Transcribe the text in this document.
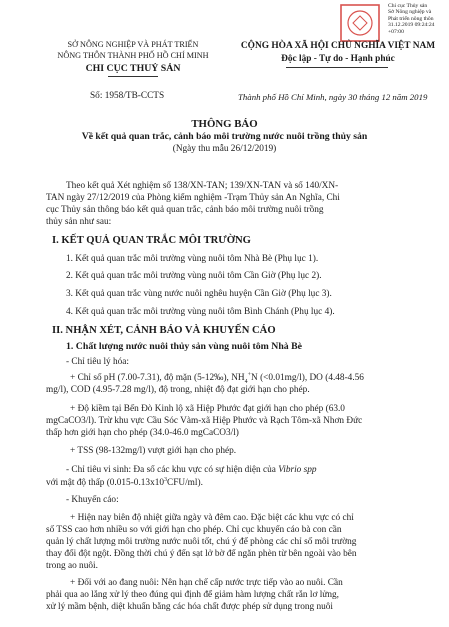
Chi cục Thủy sản
Sở Nông nghiệp và
Phát triển nông thôn
31.12.2019 09:24:24
+07:00
SỞ NÔNG NGHIỆP VÀ PHÁT TRIỂN
NÔNG THÔN THÀNH PHỐ HỒ CHÍ MINH
CHI CỤC THUỶ SẢN
Số: 1958/TB-CCTS
CỘNG HÒA XÃ HỘI CHỦ NGHĨA VIỆT NAM
Độc lập - Tự do - Hạnh phúc
Thành phố Hồ Chí Minh, ngày 30 tháng 12 năm 2019
THÔNG BÁO
Về kết quả quan trắc, cảnh báo môi trường nước nuôi trồng thủy sản
(Ngày thu mẫu 26/12/2019)
Theo kết quả Xét nghiệm số 138/XN-TAN; 139/XN-TAN và số 140/XN-
TAN ngày 27/12/2019 của Phòng kiểm nghiệm -Trạm Thủy sản An Nghĩa, Chi
cục Thủy sản thông báo kết quả quan trắc, cảnh báo môi trường nuôi trồng
thủy sản như sau:
I. KẾT QUẢ QUAN TRẮC MÔI TRƯỜNG
1. Kết quả quan trắc môi trường vùng nuôi tôm Nhà Bè (Phụ lục 1).
2. Kết quả quan trắc môi trường vùng nuôi tôm Cần Giờ (Phụ lục 2).
3. Kết quả quan trắc vùng nước nuôi nghêu huyện Cần Giờ (Phụ lục 3).
4. Kết quả quan trắc môi trường vùng nuôi tôm Bình Chánh (Phụ lục 4).
II. NHẬN XÉT, CẢNH BÁO VÀ KHUYẾN CÁO
1. Chất lượng nước nuôi thủy sản vùng nuôi tôm Nhà Bè
- Chỉ tiêu lý hóa:
+ Chỉ số pH (7.00-7.31), độ mặn (5-12‰), $NH_4^+N$ (<0.01mg/l), DO (4.48-4.56
mg/l), COD (4.95-7.28 mg/l), độ trong, nhiệt độ đạt giới hạn cho phép.
+ Độ kiềm tại Bến Đò Kinh lộ xã Hiệp Phước đạt giới hạn cho phép (63.0
mgCaCO3/l). Trừ khu vực Cầu Sóc Vàm-xã Hiệp Phước và Rạch Tôm-xã Nhơn Đức
thấp hơn giới hạn cho phép (34.0-46.0 mgCaCO3/l)
+ TSS (98-132mg/l) vượt giới hạn cho phép.
- Chỉ tiêu vi sinh: Đa số các khu vực có sự hiện diện của Vibrio spp
với mật độ thấp $(0.015-0.13x10^3CFU/ml)$.
- Khuyến cáo:
+ Hiện nay biên độ nhiệt giữa ngày và đêm cao. Đặc biệt các khu vực có chỉ
số TSS cao hơn nhiều so với giới hạn cho phép. Chỉ cục khuyến cáo bà con cần
quản lý chất lượng môi trường nước nuôi tốt, chú ý để phòng các chỉ số môi trường
thay đổi đột ngột. Đồng thời chú ý đến sạt lở bờ để ngăn phèn từ bên ngoài vào bên
trong ao nuôi.
+ Đối với ao đang nuôi: Nên hạn chế cấp nước trực tiếp vào ao nuôi. Cần
phải qua ao lắng xử lý theo đúng qui định để giảm hàm lượng chất rắn lơ lửng,
xử lý mầm bệnh, diệt khuẩn bằng các hóa chất được phép sử dụng trong nuôi
